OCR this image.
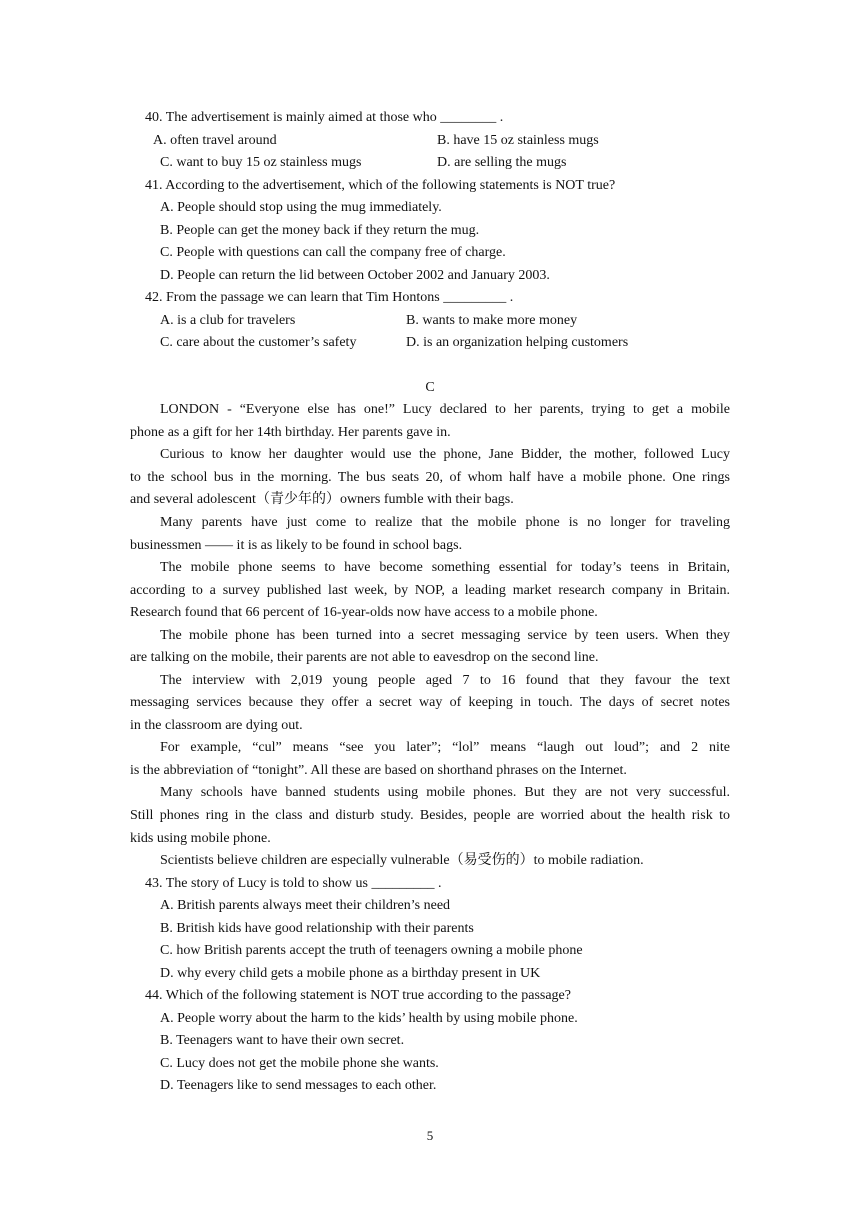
40. The advertisement is mainly aimed at those who ________ .
A. often travel around	B. have 15 oz stainless mugs
C. want to buy 15 oz stainless mugs	D. are selling the mugs
41. According to the advertisement, which of the following statements is NOT true?
A. People should stop using the mug immediately.
B. People can get the money back if they return the mug.
C. People with questions can call the company free of charge.
D. People can return the lid between October 2002 and January 2003.
42. From the passage we can learn that Tim Hontons _________ .
A. is a club for travelers	B. wants to make more money
C. care about the customer’s safety	D. is an organization helping customers
C
LONDON - “Everyone else has one!” Lucy declared to her parents, trying to get a mobile
phone as a gift for her 14th birthday. Her parents gave in.
Curious to know her daughter would use the phone, Jane Bidder, the mother, followed Lucy
to the school bus in the morning. The bus seats 20, of whom half have a mobile phone. One rings
and several adolescent（青少年的）owners fumble with their bags.
Many parents have just come to realize that the mobile phone is no longer for traveling
businessmen —— it is as likely to be found in school bags.
The mobile phone seems to have become something essential for today’s teens in Britain,
according to a survey published last week, by NOP, a leading market research company in Britain.
Research found that 66 percent of 16-year-olds now have access to a mobile phone.
The mobile phone has been turned into a secret messaging service by teen users. When they
are talking on the mobile, their parents are not able to eavesdrop on the second line.
The interview with 2,019 young people aged 7 to 16 found that they favour the text
messaging services because they offer a secret way of keeping in touch. The days of secret notes
in the classroom are dying out.
For example, “cul” means “see you later”; “lol” means “laugh out loud”; and 2 nite
is the abbreviation of “tonight”. All these are based on shorthand phrases on the Internet.
Many schools have banned students using mobile phones. But they are not very successful.
Still phones ring in the class and disturb study. Besides, people are worried about the health risk to
kids using mobile phone.
Scientists believe children are especially vulnerable（易受伤的）to mobile radiation.
43. The story of Lucy is told to show us _________ .
A. British parents always meet their children’s need
B. British kids have good relationship with their parents
C. how British parents accept the truth of teenagers owning a mobile phone
D. why every child gets a mobile phone as a birthday present in UK
44. Which of the following statement is NOT true according to the passage?
A. People worry about the harm to the kids’ health by using mobile phone.
B. Teenagers want to have their own secret.
C. Lucy does not get the mobile phone she wants.
D. Teenagers like to send messages to each other.
5
